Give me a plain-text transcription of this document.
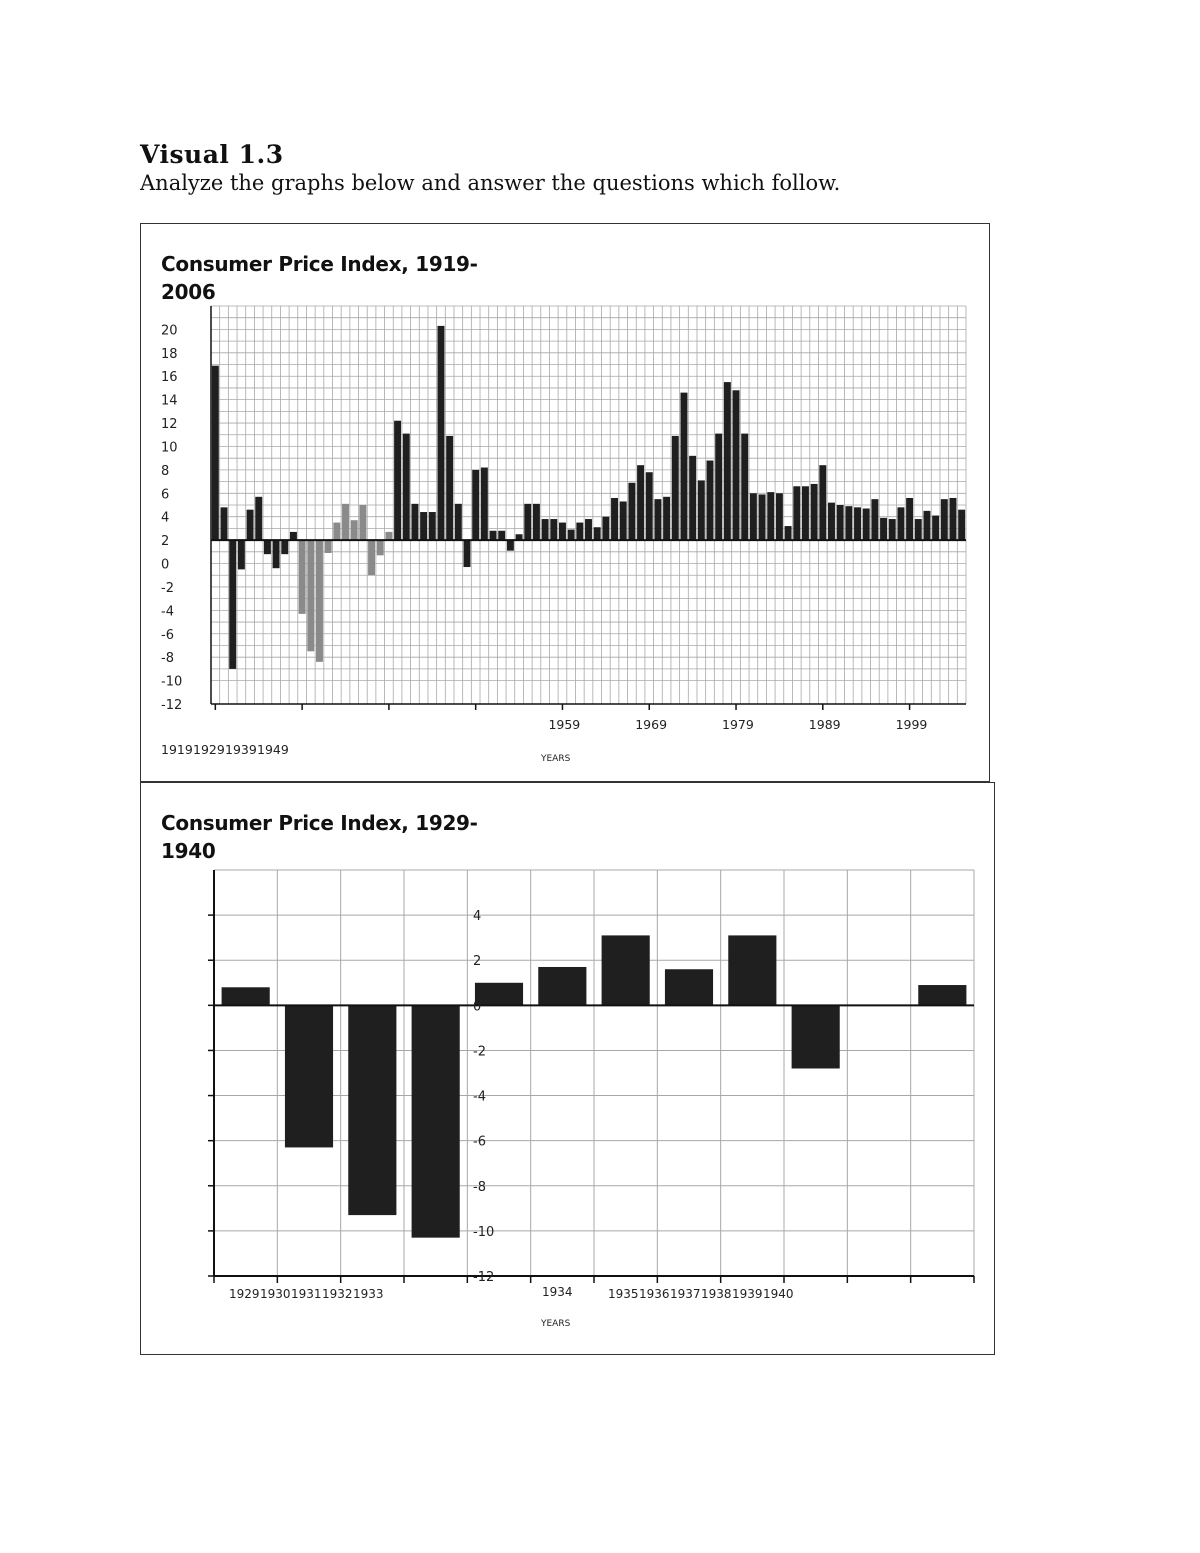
Visual 1.3

Analyze the graphs below and answer the questions which follow.

Consumer Price Index, 1919-2006
20
18
16
14
12
10
8
6
4
2
0
-2
-4
-6
-8
-10
-12
1919 1929 1939 1949
1959	1969	1979	1989	1999
YEARS
Consumer Price Index, 1929-1940
4
2
0
-2
-4
-6
-8
-10
-12
1929 1930 1931 1932 1933	1934	1935 1936 1937 1938 1939 1940
YEARS
